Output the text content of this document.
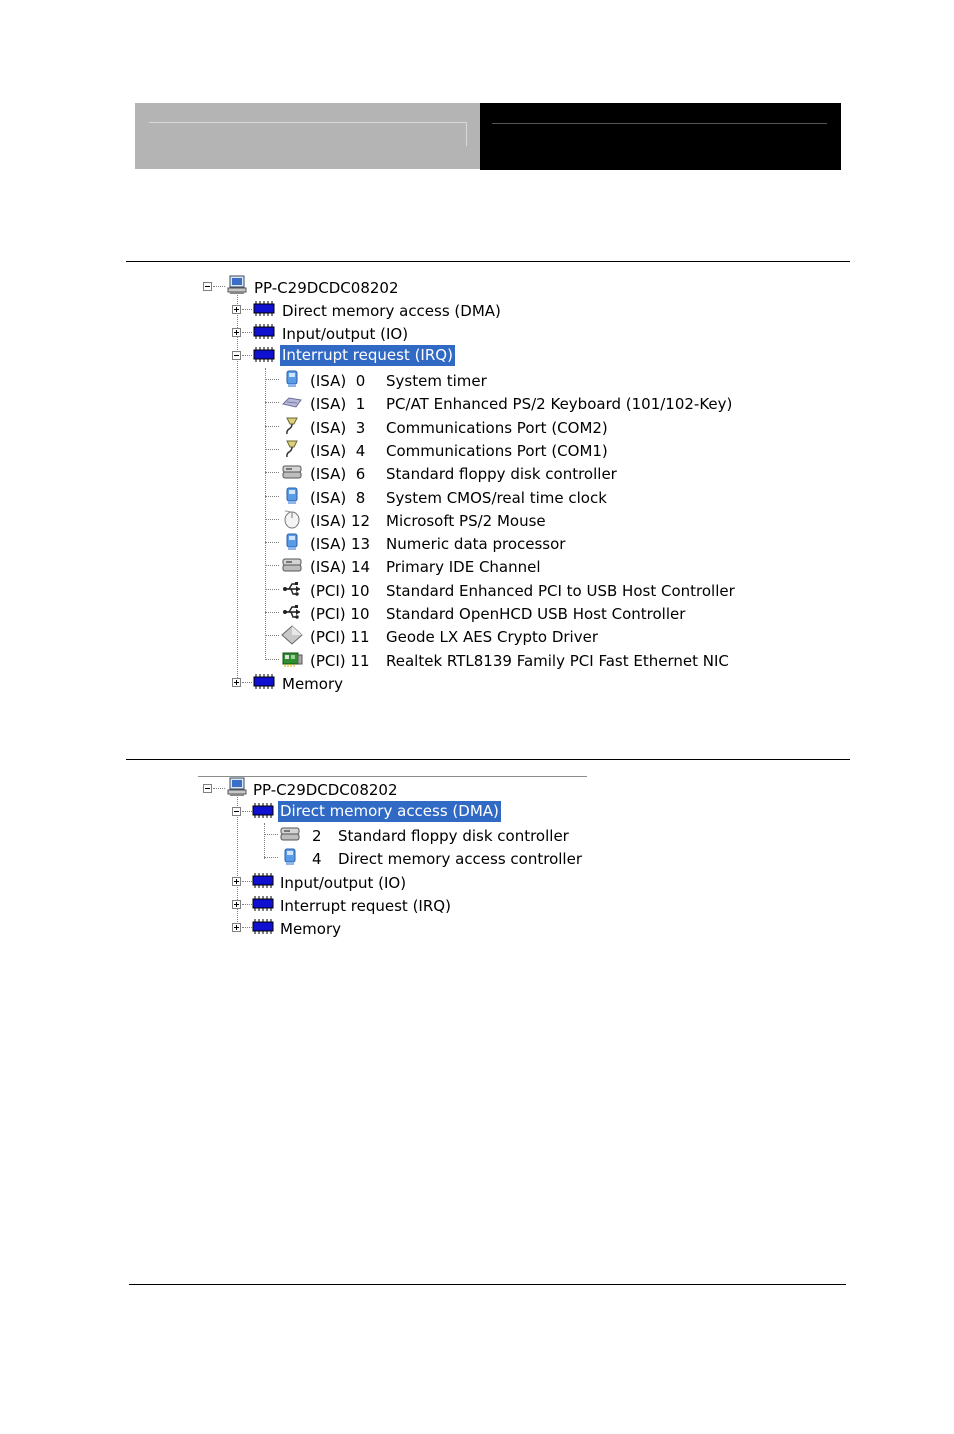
PP-C29DCDC08202
Direct memory access (DMA)
Input/output (IO)
Interrupt request (IRQ)
(ISA)  0 System timer
(ISA)  1 PC/AT Enhanced PS/2 Keyboard (101/102-Key)
(ISA)  3 Communications Port (COM2)
(ISA)  4 Communications Port (COM1)
(ISA)  6 Standard floppy disk controller
(ISA)  8 System CMOS/real time clock
(ISA) 12 Microsoft PS/2 Mouse
(ISA) 13 Numeric data processor
(ISA) 14 Primary IDE Channel
(PCI) 10 Standard Enhanced PCI to USB Host Controller
(PCI) 10 Standard OpenHCD USB Host Controller
(PCI) 11 Geode LX AES Crypto Driver
(PCI) 11 Realtek RTL8139 Family PCI Fast Ethernet NIC
Memory
PP-C29DCDC08202
Direct memory access (DMA)
2 Standard floppy disk controller
4 Direct memory access controller
Input/output (IO)
Interrupt request (IRQ)
Memory
